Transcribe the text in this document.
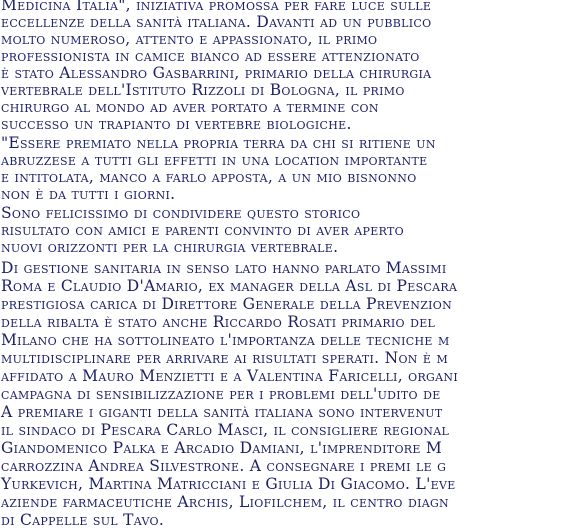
Medicina Italia", iniziativa promossa per fare luce sulle
eccellenze della sanità italiana. Davanti ad un pubblico
molto numeroso, attento e appassionato, il primo
professionista in camice bianco ad essere attenzionato
è stato Alessandro Gasbarrini, primario della chirurgia
vertebrale dell'Istituto Rizzoli di Bologna, il primo
chirurgo al mondo ad aver portato a termine con
successo un trapianto di vertebre biologiche.
"Essere premiato nella propria terra da chi si ritiene un
abruzzese a tutti gli effetti in una location importante
e intitolata, manco a farlo apposta, a un mio bisnonno
non è da tutti i giorni.
Sono felicissimo di condividere questo storico
risultato con amici e parenti convinto di aver aperto
nuovi orizzonti per la chirurgia vertebrale.
Di gestione sanitaria in senso lato hanno parlato Massimi
Roma e Claudio D'Amario, ex manager della Asl di Pescara
prestigiosa carica di Direttore Generale della Prevenzion
della ribalta è stato anche Riccardo Rosati primario del
Milano che ha sottolineato l'importanza delle tecniche m
multidisciplinare per arrivare ai risultati sperati. Non è m
affidato a Mauro Menzietti e a Valentina Faricelli, organi
campagna di sensibilizzazione per i problemi dell'udito de
A premiare i giganti della sanità italiana sono intervenut
il sindaco di Pescara Carlo Masci, il consigliere regional
Giandomenico Palka e Arcadio Damiani, l'imprenditore M
carrozzina Andrea Silvestrone. A consegnare i premi le g
Yurkevich, Martina Matricciani e Giulia Di Giacomo. L'eve
aziende farmaceutiche Archis, Liofilchem, il centro diagn
di Cappelle sul Tavo.
